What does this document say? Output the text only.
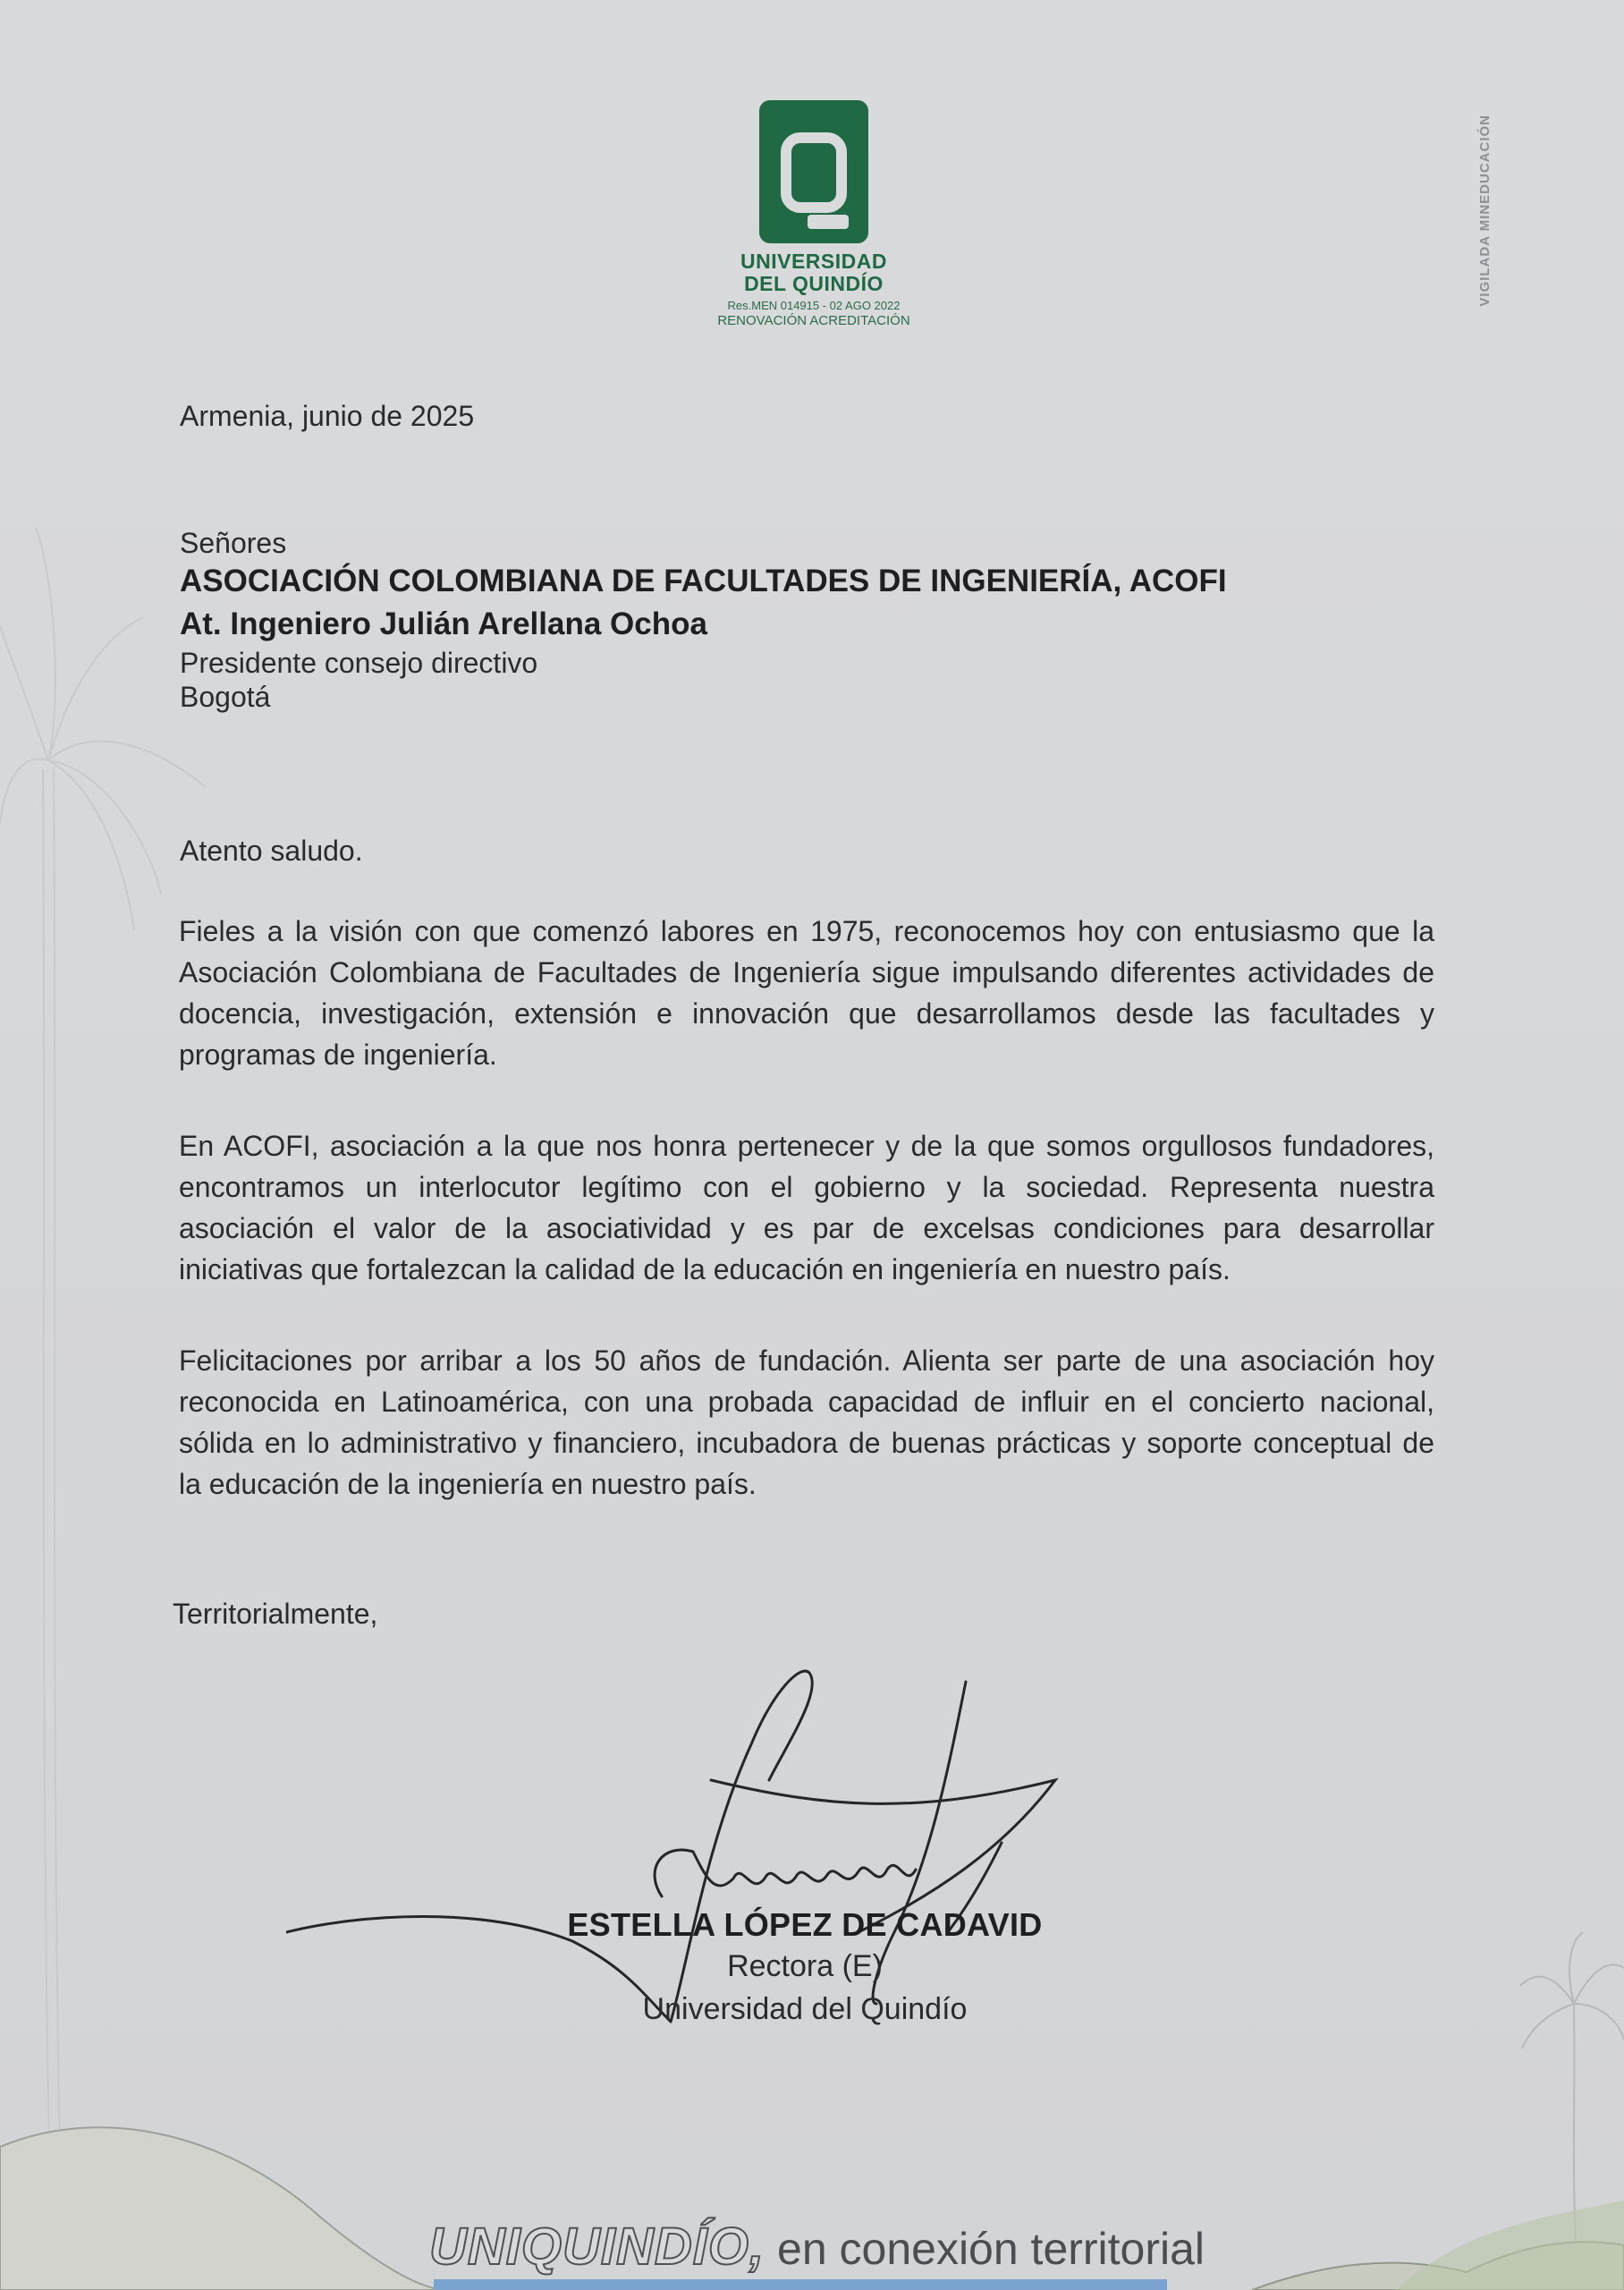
UNIVERSIDAD
DEL QUINDÍO
Res.MEN 014915 - 02 AGO 2022
RENOVACIÓN ACREDITACIÓN
VIGILADA MINEDUCACIÓN
Armenia, junio de 2025
Señores
ASOCIACIÓN COLOMBIANA DE FACULTADES DE INGENIERÍA, ACOFI
At. Ingeniero Julián Arellana Ochoa
Presidente consejo directivo
Bogotá
Atento saludo.
Fieles a la visión con que comenzó labores en 1975, reconocemos hoy con entusiasmo que la
Asociación Colombiana de Facultades de Ingeniería sigue impulsando diferentes actividades de
docencia, investigación, extensión e innovación que desarrollamos desde las facultades y
programas de ingeniería.
En ACOFI, asociación a la que nos honra pertenecer y de la que somos orgullosos fundadores,
encontramos un interlocutor legítimo con el gobierno y la sociedad. Representa nuestra
asociación el valor de la asociatividad y es par de excelsas condiciones para desarrollar
iniciativas que fortalezcan la calidad de la educación en ingeniería en nuestro país.
Felicitaciones por arribar a los 50 años de fundación. Alienta ser parte de una asociación hoy
reconocida en Latinoamérica, con una probada capacidad de influir en el concierto nacional,
sólida en lo administrativo y financiero, incubadora de buenas prácticas y soporte conceptual de
la educación de la ingeniería en nuestro país.
Territorialmente,
ESTELLA LÓPEZ DE CADAVID
Rectora (E)
Universidad del Quindío
UNIQUINDÍO, en conexión territorial
